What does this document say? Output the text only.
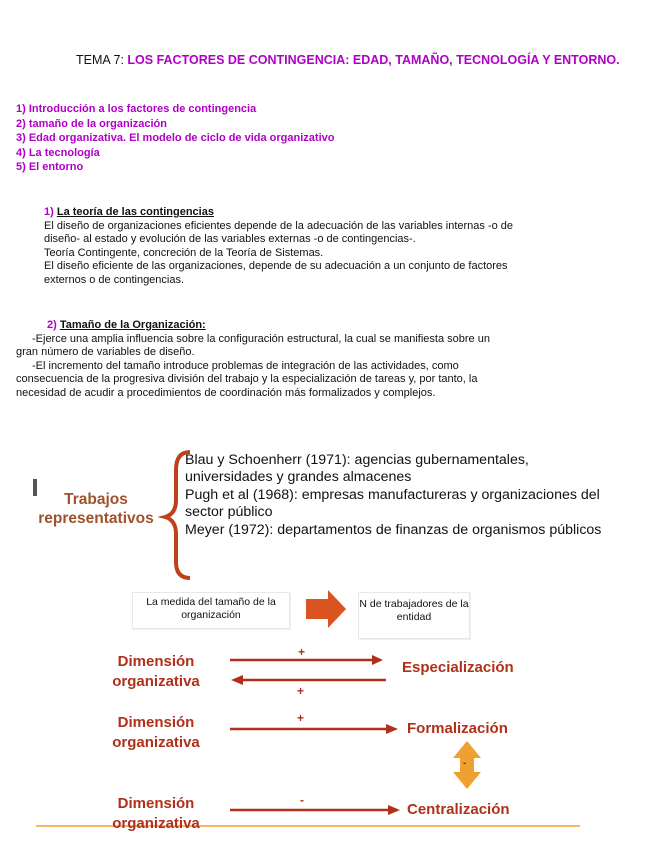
TEMA 7: LOS FACTORES DE CONTINGENCIA: EDAD, TAMAÑO, TECNOLOGÍA Y ENTORNO.
1) Introducción a los factores de contingencia
2) tamaño de la organización
3) Edad organizativa. El modelo de ciclo de vida organizativo
4) La tecnología
5) El entorno
1) La teoría de las contingencias
El diseño de organizaciones eficientes depende de la adecuación de las variables internas -o de
diseño- al estado y evolución de las variables externas -o de contingencias-.
Teoría Contingente, concreción de la Teoría de Sistemas.
El diseño eficiente de las organizaciones, depende de su adecuación a un conjunto de factores
externos o de contingencias.
2) Tamaño de la Organización:
-Ejerce una amplia influencia sobre la configuración estructural, la cual se manifiesta sobre un
gran número de variables de diseño.
-El incremento del tamaño introduce problemas de integración de las actividades, como
consecuencia de la progresiva división del trabajo y la especialización de tareas y, por tanto, la
necesidad de acudir a procedimientos de coordinación más formalizados y complejos.
Blau y Schoenherr (1971): agencias gubernamentales, universidades y grandes almacenes
Pugh et al (1968): empresas manufactureras y organizaciones del sector público
Meyer (1972): departamentos de finanzas de organismos públicos
Trabajos representativos
La medida del tamaño de la organización
N de trabajadores de la entidad
Dimensión organizativa
+
+
Especialización
Dimensión organizativa
+
Formalización
-
Dimensión organizativa
-
Centralización
